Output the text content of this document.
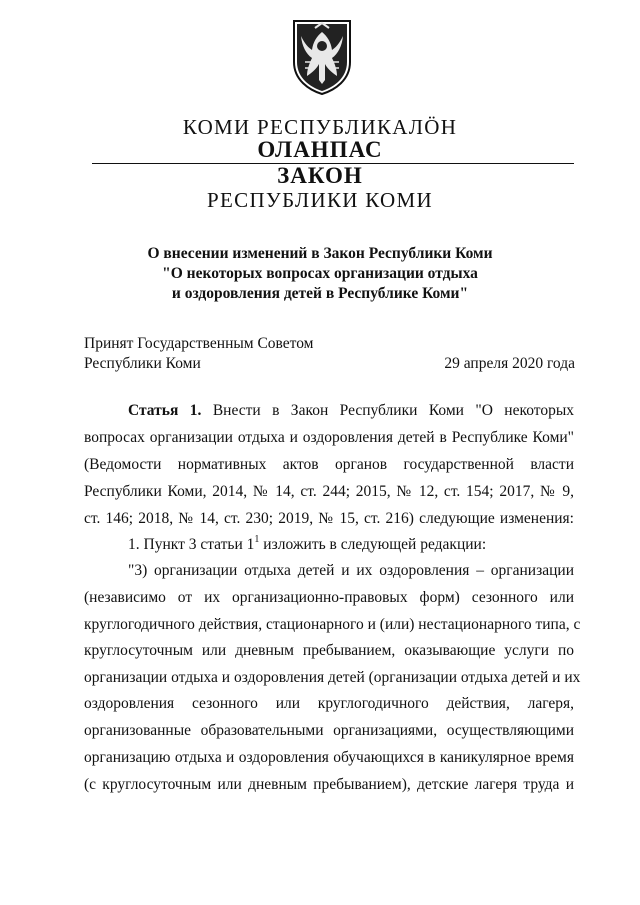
КОМИ РЕСПУБЛИКАЛÖН
ОЛАНПАС
ЗАКОН
РЕСПУБЛИКИ КОМИ
О внесении изменений в Закон Республики Коми
"О некоторых вопросах организации отдыха
и оздоровления детей в Республике Коми"
Принят Государственным Советом
Республики Коми	29 апреля 2020 года
Статья 1. Внести в Закон Республики Коми "О некоторых
вопросах организации отдыха и оздоровления детей в Республике Коми"
(Ведомости нормативных актов органов государственной власти
Республики Коми, 2014, № 14, ст. 244; 2015, № 12, ст. 154; 2017, № 9,
ст. 146; 2018, № 14, ст. 230; 2019, № 15, ст. 216) следующие изменения:
1. Пункт 3 статьи $1^1$ изложить в следующей редакции:
"3) организации отдыха детей и их оздоровления – организации
(независимо от их организационно-правовых форм) сезонного или
круглогодичного действия, стационарного и (или) нестационарного типа, с
круглосуточным или дневным пребыванием, оказывающие услуги по
организации отдыха и оздоровления детей (организации отдыха детей и их
оздоровления сезонного или круглогодичного действия, лагеря,
организованные образовательными организациями, осуществляющими
организацию отдыха и оздоровления обучающихся в каникулярное время
(с круглосуточным или дневным пребыванием), детские лагеря труда и
